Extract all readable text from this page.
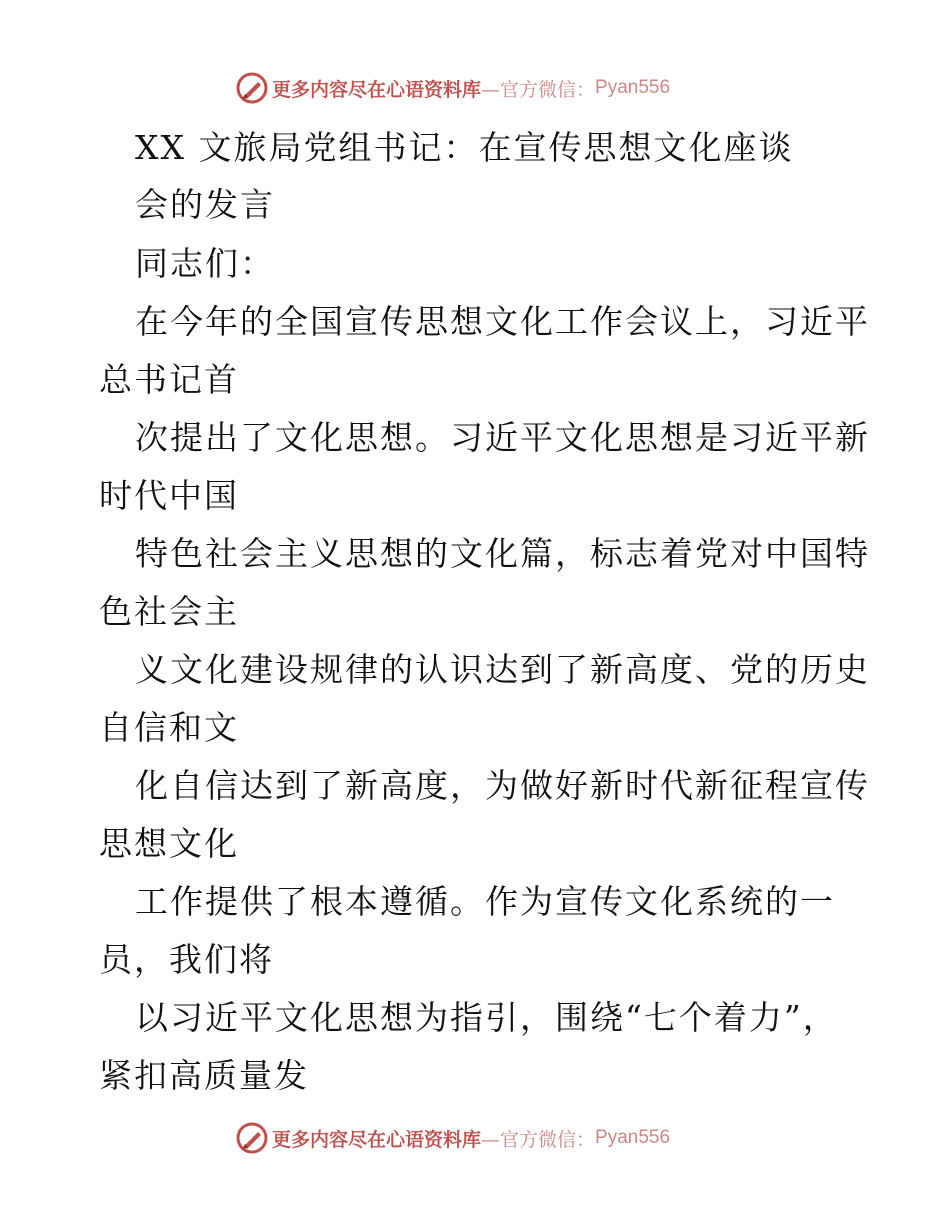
更多内容尽在心语资料库 —官方微信： Pyan556
XX 文旅局党组书记：在宣传思想文化座谈
会的发言
同志们：
在今年的全国宣传思想文化工作会议上，习近平
总书记首
次提出了文化思想。习近平文化思想是习近平新
时代中国
特色社会主义思想的文化篇，标志着党对中国特
色社会主
义文化建设规律的认识达到了新高度、党的历史
自信和文
化自信达到了新高度，为做好新时代新征程宣传
思想文化
工作提供了根本遵循。作为宣传文化系统的一
员，我们将
以习近平文化思想为指引，围绕“七个着力”，
紧扣高质量发
更多内容尽在心语资料库 —官方微信： Pyan556
